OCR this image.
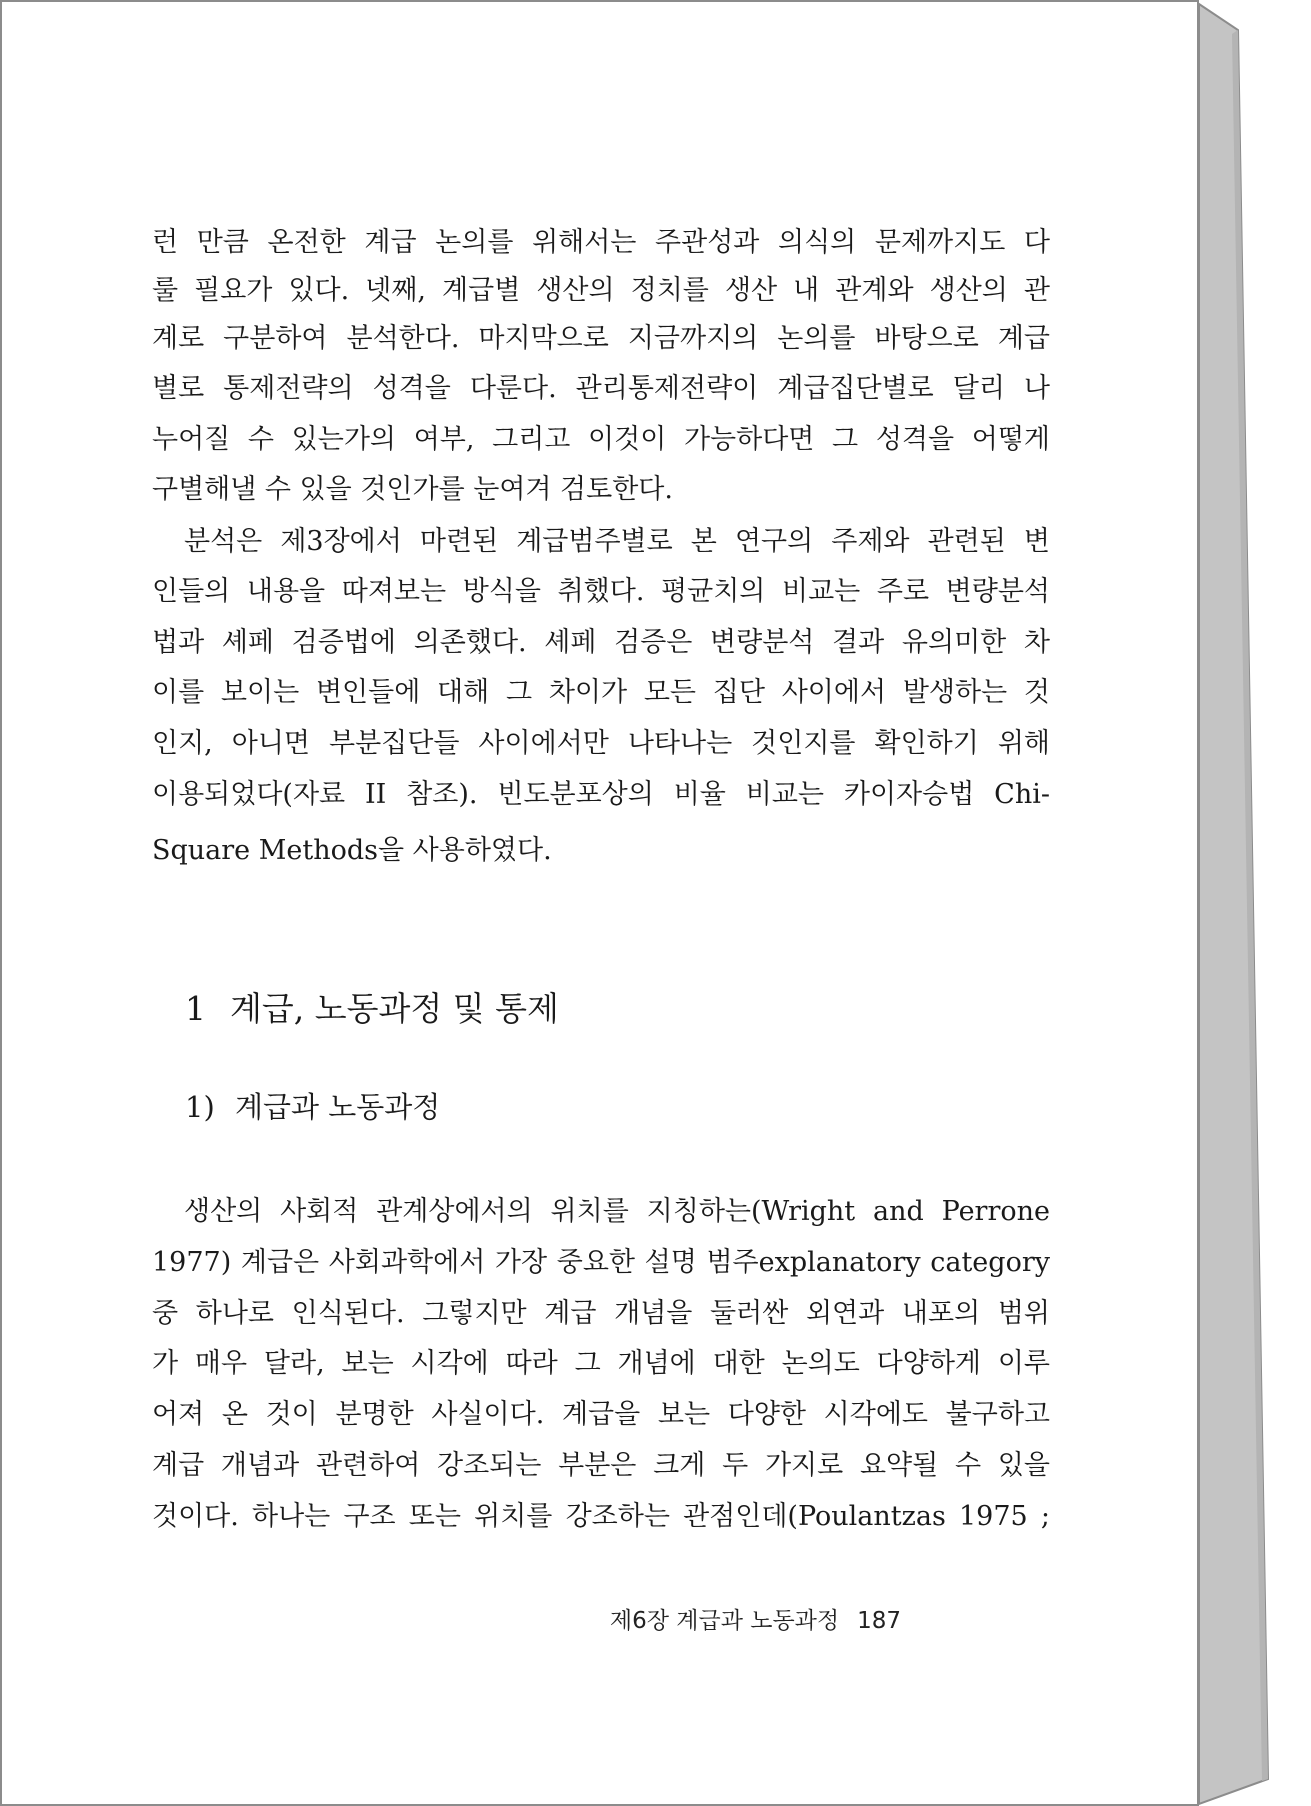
런 만큼 온전한 계급 논의를 위해서는 주관성과 의식의 문제까지도 다
룰 필요가 있다. 넷째, 계급별 생산의 정치를 생산 내 관계와 생산의 관
계로 구분하여 분석한다. 마지막으로 지금까지의 논의를 바탕으로 계급
별로 통제전략의 성격을 다룬다. 관리통제전략이 계급집단별로 달리 나
누어질 수 있는가의 여부, 그리고 이것이 가능하다면 그 성격을 어떻게
구별해낼 수 있을 것인가를 눈여겨 검토한다.
분석은 제3장에서 마련된 계급범주별로 본 연구의 주제와 관련된 변
인들의 내용을 따져보는 방식을 취했다. 평균치의 비교는 주로 변량분석
법과 셰페 검증법에 의존했다. 셰페 검증은 변량분석 결과 유의미한 차
이를 보이는 변인들에 대해 그 차이가 모든 집단 사이에서 발생하는 것
인지, 아니면 부분집단들 사이에서만 나타나는 것인지를 확인하기 위해
이용되었다(자료 II 참조). 빈도분포상의 비율 비교는 카이자승법 Chi-
Square Methods을 사용하였다.
1 계급, 노동과정 및 통제
1) 계급과 노동과정
생산의 사회적 관계상에서의 위치를 지칭하는(Wright and Perrone
1977) 계급은 사회과학에서 가장 중요한 설명 범주explanatory category
중 하나로 인식된다. 그렇지만 계급 개념을 둘러싼 외연과 내포의 범위
가 매우 달라, 보는 시각에 따라 그 개념에 대한 논의도 다양하게 이루
어져 온 것이 분명한 사실이다. 계급을 보는 다양한 시각에도 불구하고
계급 개념과 관련하여 강조되는 부분은 크게 두 가지로 요약될 수 있을
것이다. 하나는 구조 또는 위치를 강조하는 관점인데(Poulantzas 1975 ;
제6장 계급과 노동과정 187
